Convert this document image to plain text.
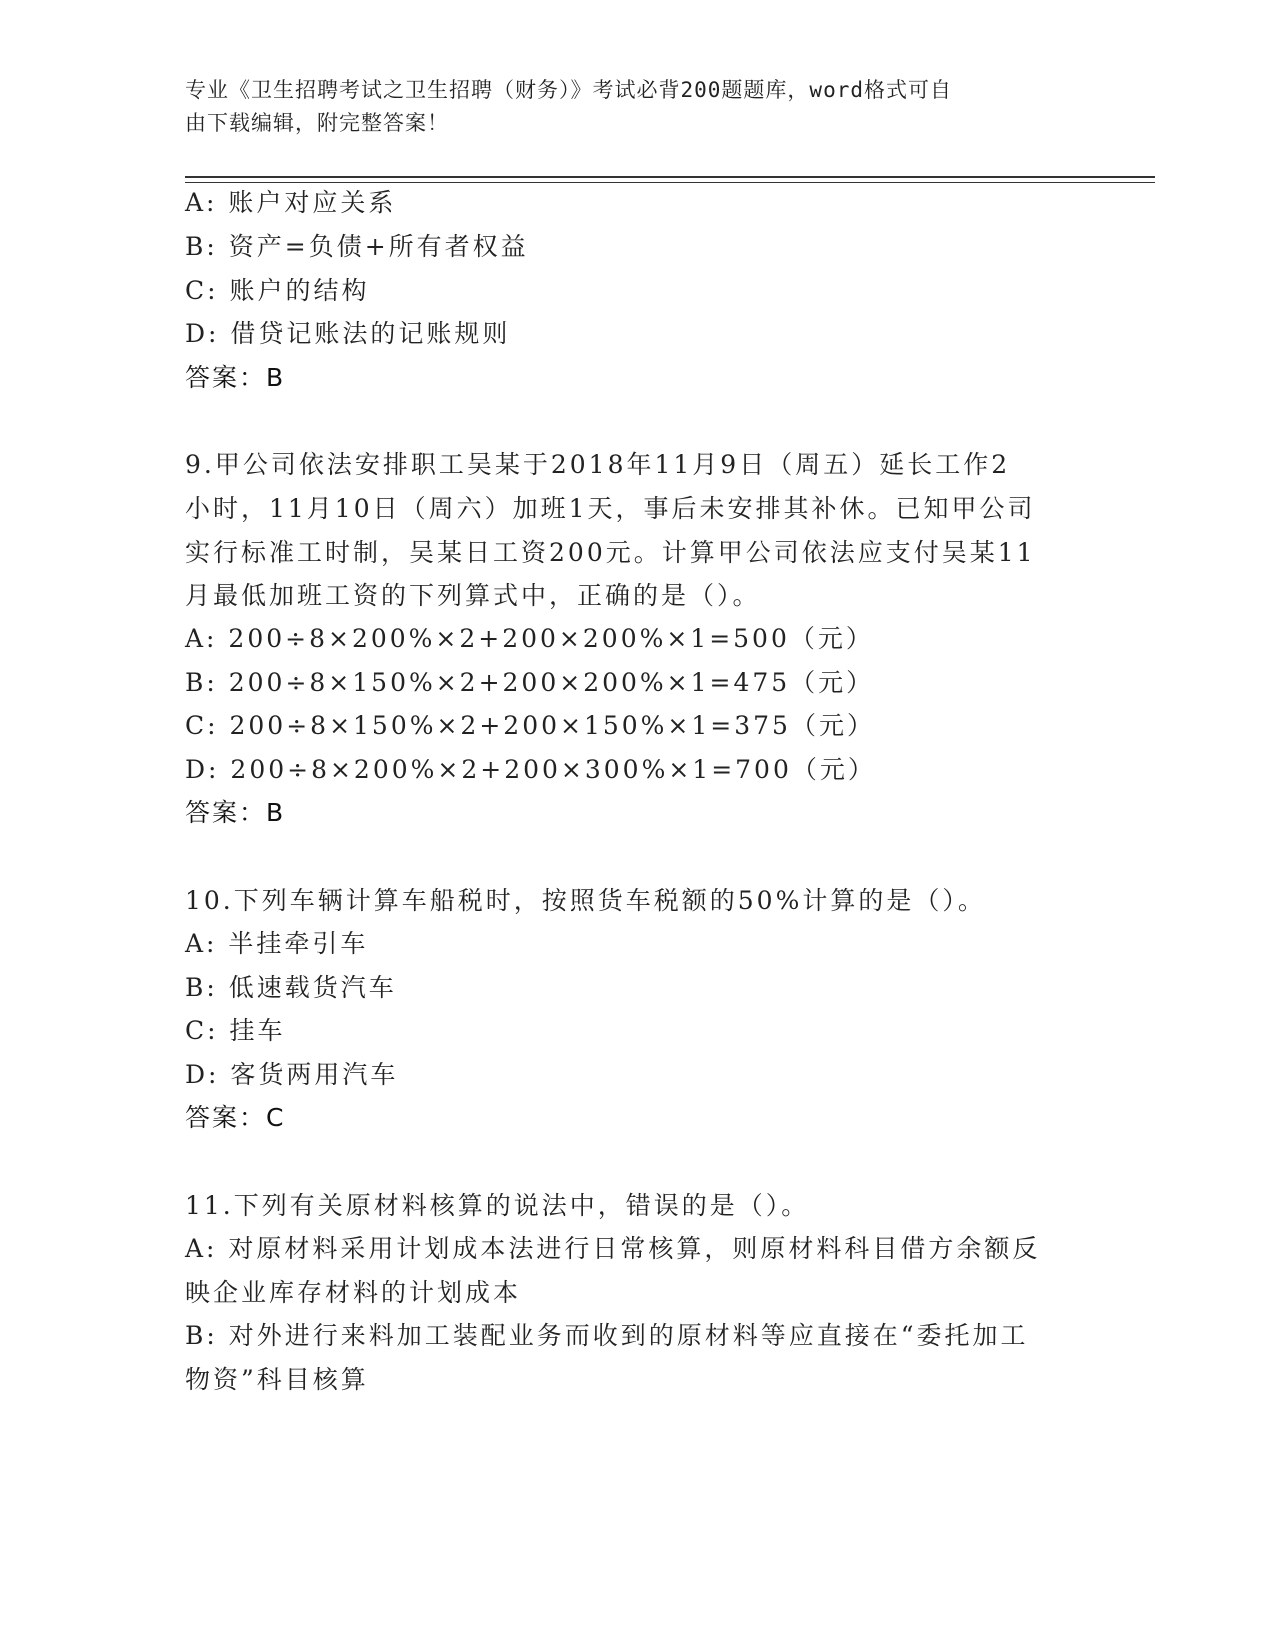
专业《卫生招聘考试之卫生招聘（财务）》考试必背200题题库，word格式可自
由下载编辑，附完整答案！
A: 账户对应关系
B: 资产=负债+所有者权益
C: 账户的结构
D: 借贷记账法的记账规则
答案：B
9.甲公司依法安排职工吴某于2018年11月9日（周五）延长工作2
小时，11月10日（周六）加班1天，事后未安排其补休。已知甲公司
实行标准工时制，吴某日工资200元。计算甲公司依法应支付吴某11
月最低加班工资的下列算式中，正确的是（）。
A: 200÷8×200%×2+200×200%×1=500（元）
B: 200÷8×150%×2+200×200%×1=475（元）
C: 200÷8×150%×2+200×150%×1=375（元）
D: 200÷8×200%×2+200×300%×1=700（元）
答案：B
10.下列车辆计算车船税时，按照货车税额的50%计算的是（）。
A: 半挂牵引车
B: 低速载货汽车
C: 挂车
D: 客货两用汽车
答案：C
11.下列有关原材料核算的说法中，错误的是（）。
A: 对原材料采用计划成本法进行日常核算，则原材料科目借方余额反
映企业库存材料的计划成本
B: 对外进行来料加工装配业务而收到的原材料等应直接在“委托加工
物资”科目核算
